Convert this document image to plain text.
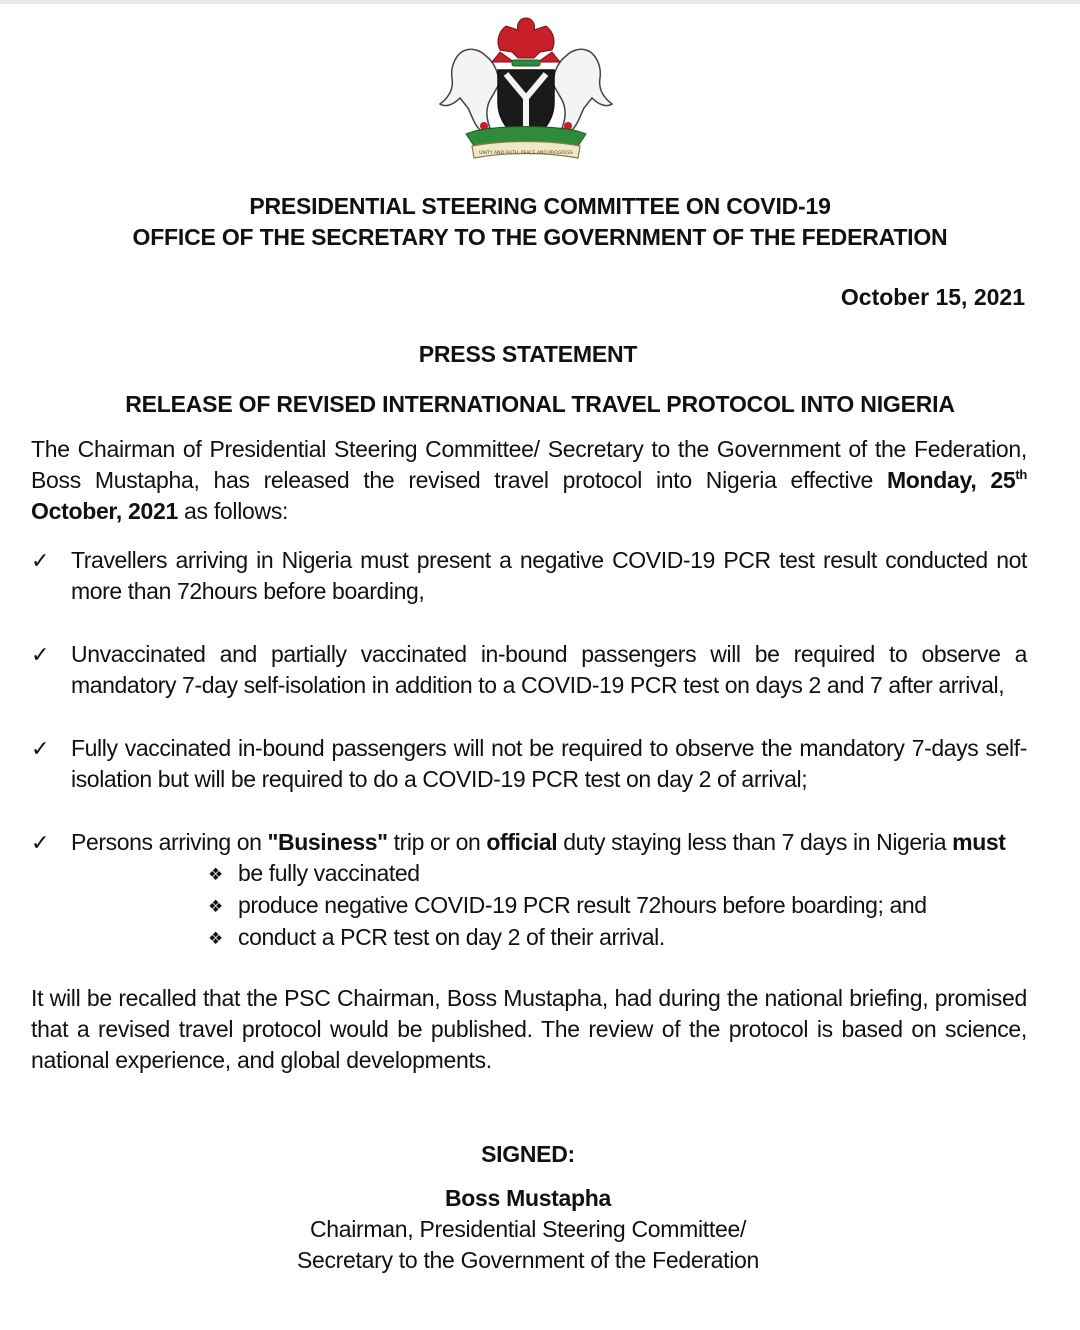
UNITY AND FAITH, PEACE AND PROGRESS
PRESIDENTIAL STEERING COMMITTEE ON COVID-19
OFFICE OF THE SECRETARY TO THE GOVERNMENT OF THE FEDERATION
October 15, 2021
PRESS STATEMENT
RELEASE OF REVISED INTERNATIONAL TRAVEL PROTOCOL INTO NIGERIA
The Chairman of Presidential Steering Committee/ Secretary to the Government of the Federation, Boss Mustapha, has released the revised travel protocol into Nigeria effective Monday, 25th October, 2021 as follows:
✓ Travellers arriving in Nigeria must present a negative COVID-19 PCR test result conducted not more than 72hours before boarding,
✓ Unvaccinated and partially vaccinated in-bound passengers will be required to observe a mandatory 7-day self-isolation in addition to a COVID-19 PCR test on days 2 and 7 after arrival,
✓ Fully vaccinated in-bound passengers will not be required to observe the mandatory 7-days self-isolation but will be required to do a COVID-19 PCR test on day 2 of arrival;
✓ Persons arriving on "Business" trip or on official duty staying less than 7 days in Nigeria must
❖ be fully vaccinated
❖ produce negative COVID-19 PCR result 72hours before boarding; and
❖ conduct a PCR test on day 2 of their arrival.
It will be recalled that the PSC Chairman, Boss Mustapha, had during the national briefing, promised that a revised travel protocol would be published. The review of the protocol is based on science, national experience, and global developments.
SIGNED:
Boss Mustapha
Chairman, Presidential Steering Committee/
Secretary to the Government of the Federation
